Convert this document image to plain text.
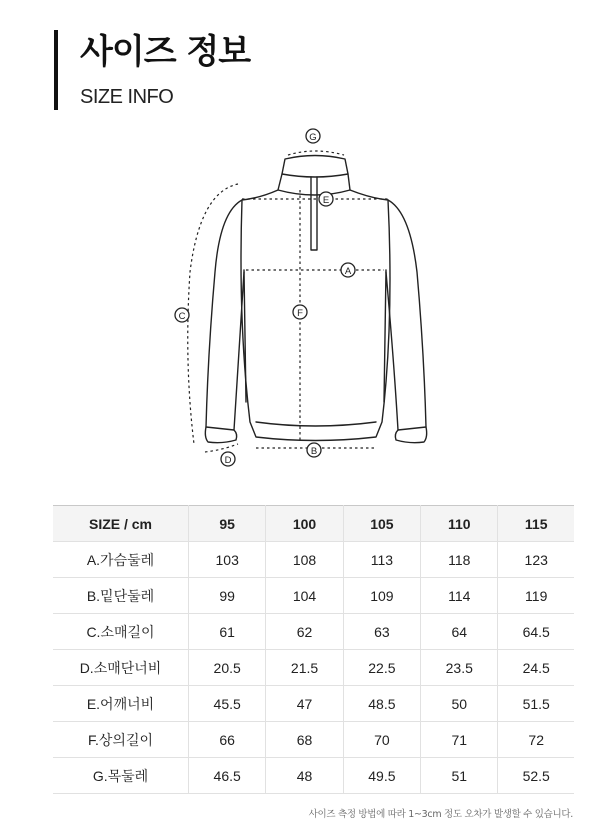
사이즈 정보
SIZE INFO
G
E
A
F
C
B
D
SIZE / cm	95	100	105	110	115
A.가슴둘레	103	108	113	118	123
B.밑단둘레	99	104	109	114	119
C.소매길이	61	62	63	64	64.5
D.소매단너비	20.5	21.5	22.5	23.5	24.5
E.어깨너비	45.5	47	48.5	50	51.5
F.상의길이	66	68	70	71	72
G.목둘레	46.5	48	49.5	51	52.5
사이즈 측정 방법에 따라 1~3cm 정도 오차가 발생할 수 있습니다.
